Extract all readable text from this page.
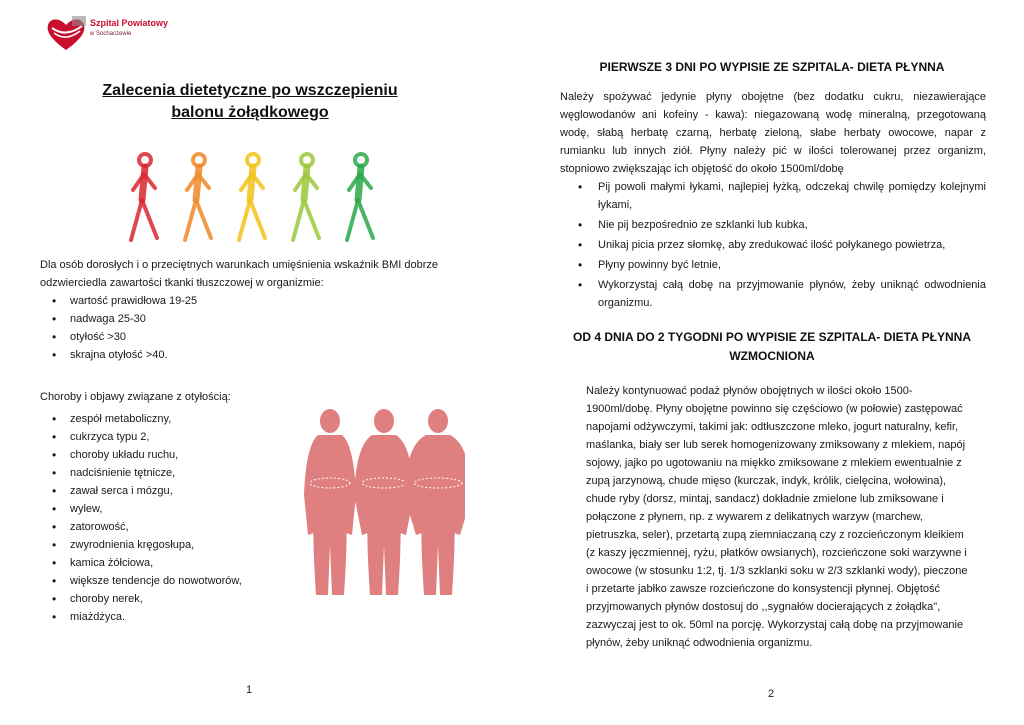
Szpital Powiatowy
w Sochaczewie
Zalecenia dietetyczne po wszczepieniu
balonu żołądkowego

Dla osób dorosłych i o przeciętnych warunkach umięśnienia wskaźnik BMI dobrze odzwierciedla zawartości tkanki tłuszczowej w organizmie:

• wartość prawidłowa 19-25
• nadwaga 25-30
• otyłość >30
• skrajna otyłość >40.

Choroby i objawy związane z otyłością:

• zespół metaboliczny,
• cukrzyca typu 2,
• choroby układu ruchu,
• nadciśnienie tętnicze,
• zawał serca i mózgu,
• wylew,
• zatorowość,
• zwyrodnienia kręgosłupa,
• kamica żółciowa,
• większe tendencje do nowotworów,
• choroby nerek,
• miażdżyca.
1
PIERWSZE 3 DNI PO WYPISIE ZE SZPITALA- DIETA PŁYNNA

Należy spożywać jedynie płyny obojętne (bez dodatku cukru, niezawierające węglowodanów ani kofeiny - kawa): niegazowaną wodę mineralną, przegotowaną wodę, słabą herbatę czarną, herbatę zieloną, słabe herbaty owocowe, napar z rumianku lub innych ziół. Płyny należy pić w ilości tolerowanej przez organizm, stopniowo zwiększając ich objętość do około 1500ml/dobę

• Pij powoli małymi łykami, najlepiej łyżką, odczekaj chwilę pomiędzy kolejnymi łykami,
• Nie pij bezpośrednio ze szklanki lub kubka,
• Unikaj picia przez słomkę, aby zredukować ilość połykanego powietrza,
• Płyny powinny być letnie,
• Wykorzystaj całą dobę na przyjmowanie płynów, żeby uniknąć odwodnienia organizmu.
OD 4 DNIA DO 2 TYGODNI PO WYPISIE ZE SZPITALA- DIETA PŁYNNA
WZMOCNIONA

Należy kontynuować podaż płynów obojętnych w ilości około 1500-1900ml/dobę. Płyny obojętne powinno się częściowo (w połowie) zastępować napojami odżywczymi, takimi jak: odtłuszczone mleko, jogurt naturalny, kefir, maślanka, biały ser lub serek homogenizowany zmiksowany z mlekiem, napój sojowy, jajko po ugotowaniu na miękko zmiksowane z mlekiem ewentualnie z zupą jarzynową, chude mięso (kurczak, indyk, królik, cielęcina, wołowina), chude ryby (dorsz, mintaj, sandacz) dokładnie zmielone lub zmiksowane i połączone z płynem, np. z wywarem z delikatnych warzyw (marchew, pietruszka, seler), przetartą zupą ziemniaczaną czy z rozcieńczonym kleikiem (z kaszy jęczmiennej, ryżu, płatków owsianych), rozcieńczone soki warzywne i owocowe (w stosunku 1:2, tj. 1/3 szklanki soku w 2/3 szklanki wody), pieczone i przetarte jabłko zawsze rozcieńczone do konsystencji płynnej. Objętość przyjmowanych płynów dostosuj do ,,sygnałów docierających z żołądka", zazwyczaj jest to ok. 50ml na porcję. Wykorzystaj całą dobę na przyjmowanie płynów, żeby uniknąć odwodnienia organizmu.

2
